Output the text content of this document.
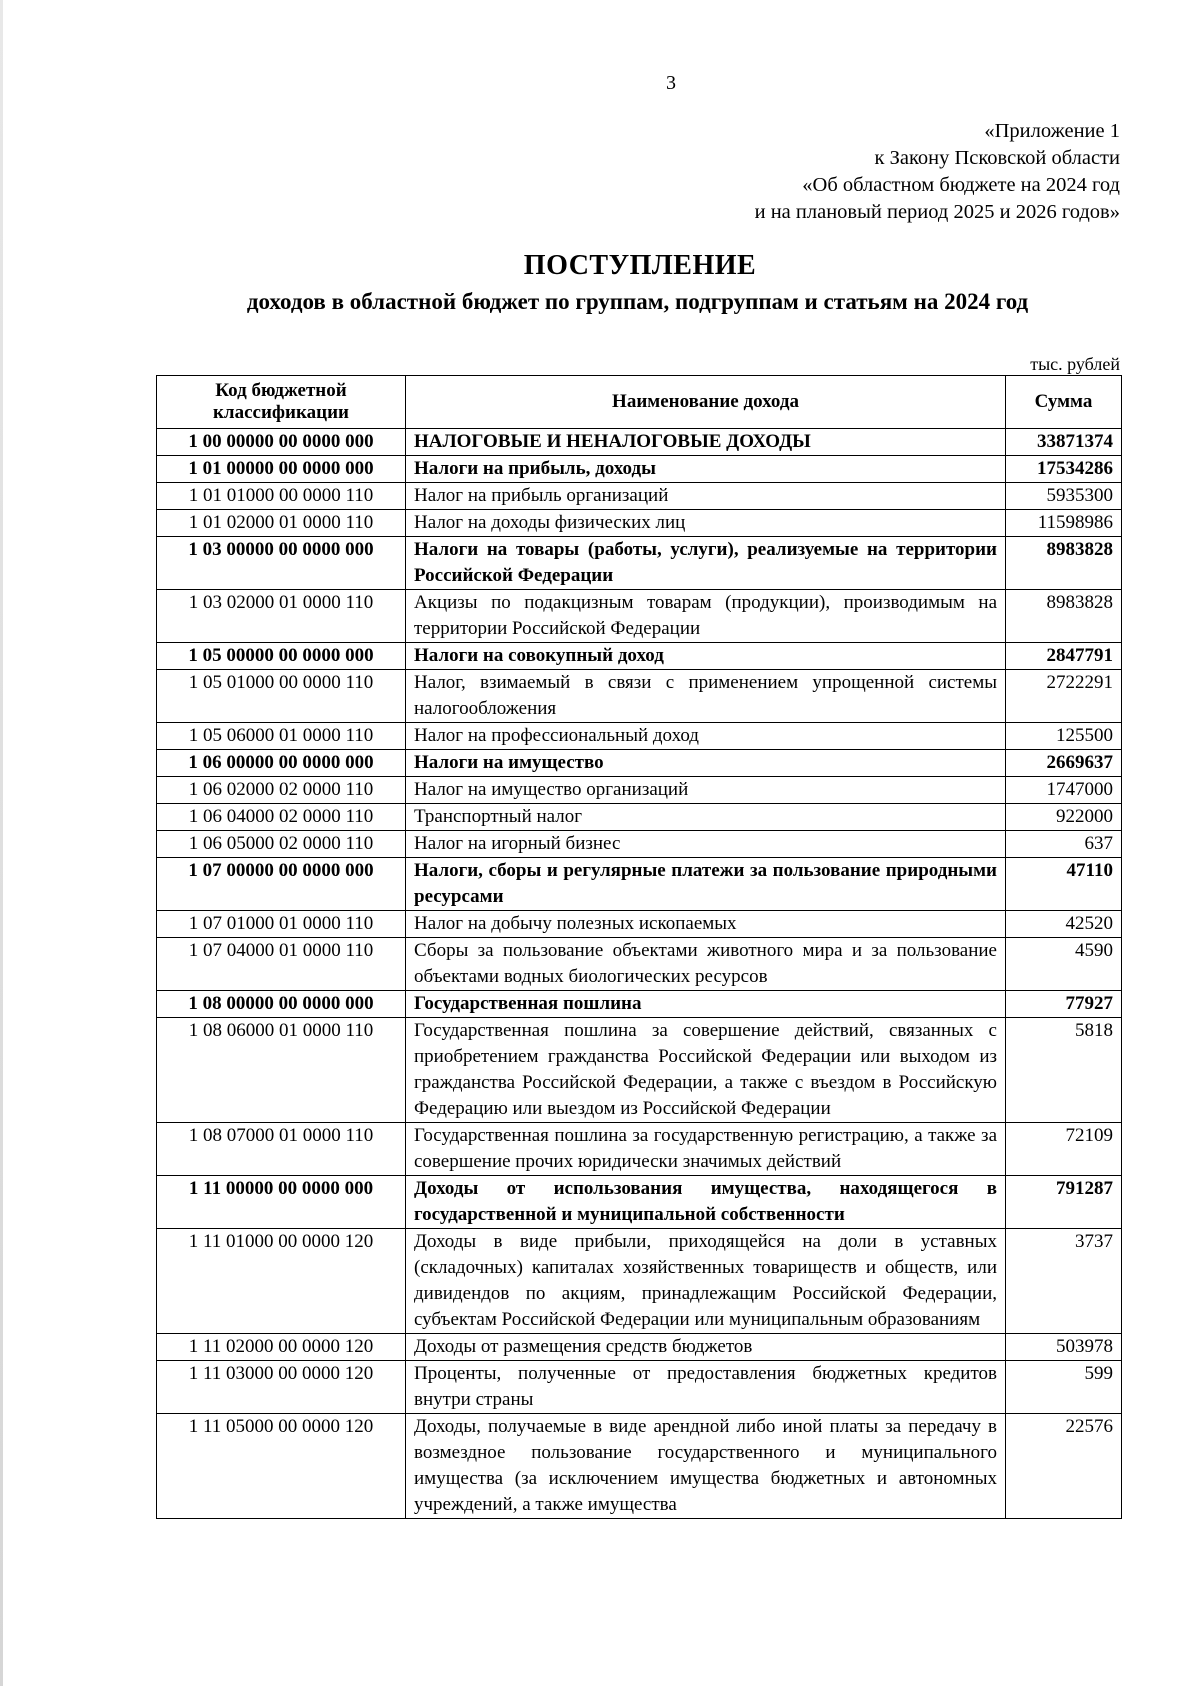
3
«Приложение 1
к Закону Псковской области
«Об областном бюджете на 2024 год
и на плановый период 2025 и 2026 годов»
ПОСТУПЛЕНИЕ
доходов в областной бюджет по группам, подгруппам и статьям на 2024 год
тыс. рублей
Код бюджетной классификации	Наименование дохода	Сумма
1 00 00000 00 0000 000	НАЛОГОВЫЕ И НЕНАЛОГОВЫЕ ДОХОДЫ	33871374
1 01 00000 00 0000 000	Налоги на прибыль, доходы	17534286
1 01 01000 00 0000 110	Налог на прибыль организаций	5935300
1 01 02000 01 0000 110	Налог на доходы физических лиц	11598986
1 03 00000 00 0000 000	Налоги на товары (работы, услуги), реализуемые на территории Российской Федерации	8983828
1 03 02000 01 0000 110	Акцизы по подакцизным товарам (продукции), производимым на территории Российской Федерации	8983828
1 05 00000 00 0000 000	Налоги на совокупный доход	2847791
1 05 01000 00 0000 110	Налог, взимаемый в связи с применением упрощенной системы налогообложения	2722291
1 05 06000 01 0000 110	Налог на профессиональный доход	125500
1 06 00000 00 0000 000	Налоги на имущество	2669637
1 06 02000 02 0000 110	Налог на имущество организаций	1747000
1 06 04000 02 0000 110	Транспортный налог	922000
1 06 05000 02 0000 110	Налог на игорный бизнес	637
1 07 00000 00 0000 000	Налоги, сборы и регулярные платежи за пользование природными ресурсами	47110
1 07 01000 01 0000 110	Налог на добычу полезных ископаемых	42520
1 07 04000 01 0000 110	Сборы за пользование объектами животного мира и за пользование объектами водных биологических ресурсов	4590
1 08 00000 00 0000 000	Государственная пошлина	77927
1 08 06000 01 0000 110	Государственная пошлина за совершение действий, связанных с приобретением гражданства Российской Федерации или выходом из гражданства Российской Федерации, а также с въездом в Российскую Федерацию или выездом из Российской Федерации	5818
1 08 07000 01 0000 110	Государственная пошлина за государственную регистрацию, а также за совершение прочих юридически значимых действий	72109
1 11 00000 00 0000 000	Доходы от использования имущества, находящегося в государственной и муниципальной собственности	791287
1 11 01000 00 0000 120	Доходы в виде прибыли, приходящейся на доли в уставных (складочных) капиталах хозяйственных товариществ и обществ, или дивидендов по акциям, принадлежащим Российской Федерации, субъектам Российской Федерации или муниципальным образованиям	3737
1 11 02000 00 0000 120	Доходы от размещения средств бюджетов	503978
1 11 03000 00 0000 120	Проценты, полученные от предоставления бюджетных кредитов внутри страны	599
1 11 05000 00 0000 120	Доходы, получаемые в виде арендной либо иной платы за передачу в возмездное пользование государственного и муниципального имущества (за исключением имущества бюджетных и автономных учреждений, а также имущества	22576
